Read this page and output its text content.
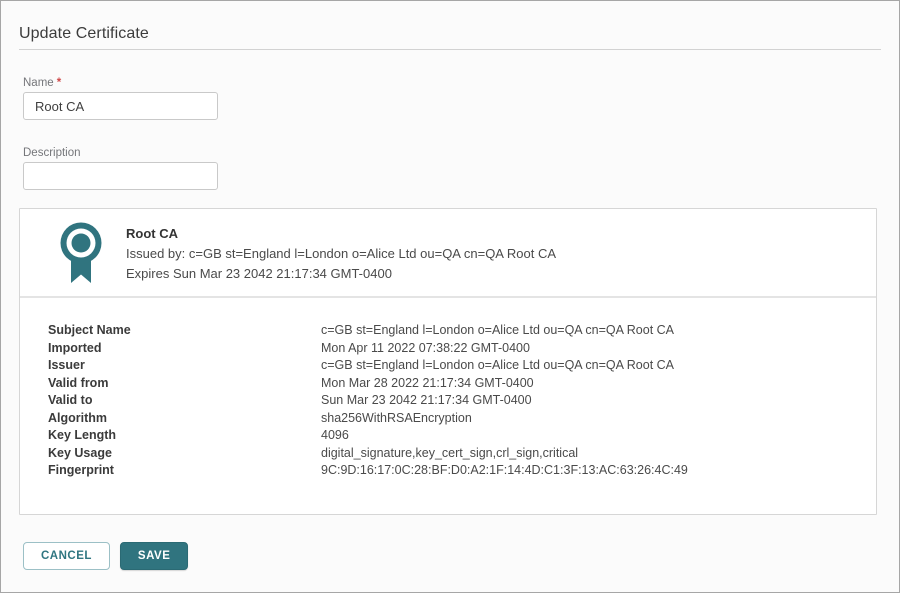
Update Certificate
Name *
Root CA
Description
Root CA
Issued by: c=GB st=England l=London o=Alice Ltd ou=QA cn=QA Root CA
Expires Sun Mar 23 2042 21:17:34 GMT-0400
Subject Name	c=GB st=England l=London o=Alice Ltd ou=QA cn=QA Root CA
Imported	Mon Apr 11 2022 07:38:22 GMT-0400
Issuer	c=GB st=England l=London o=Alice Ltd ou=QA cn=QA Root CA
Valid from	Mon Mar 28 2022 21:17:34 GMT-0400
Valid to	Sun Mar 23 2042 21:17:34 GMT-0400
Algorithm	sha256WithRSAEncryption
Key Length	4096
Key Usage	digital_signature,key_cert_sign,crl_sign,critical
Fingerprint	9C:9D:16:17:0C:28:BF:D0:A2:1F:14:4D:C1:3F:13:AC:63:26:4C:49
CANCEL	SAVE
